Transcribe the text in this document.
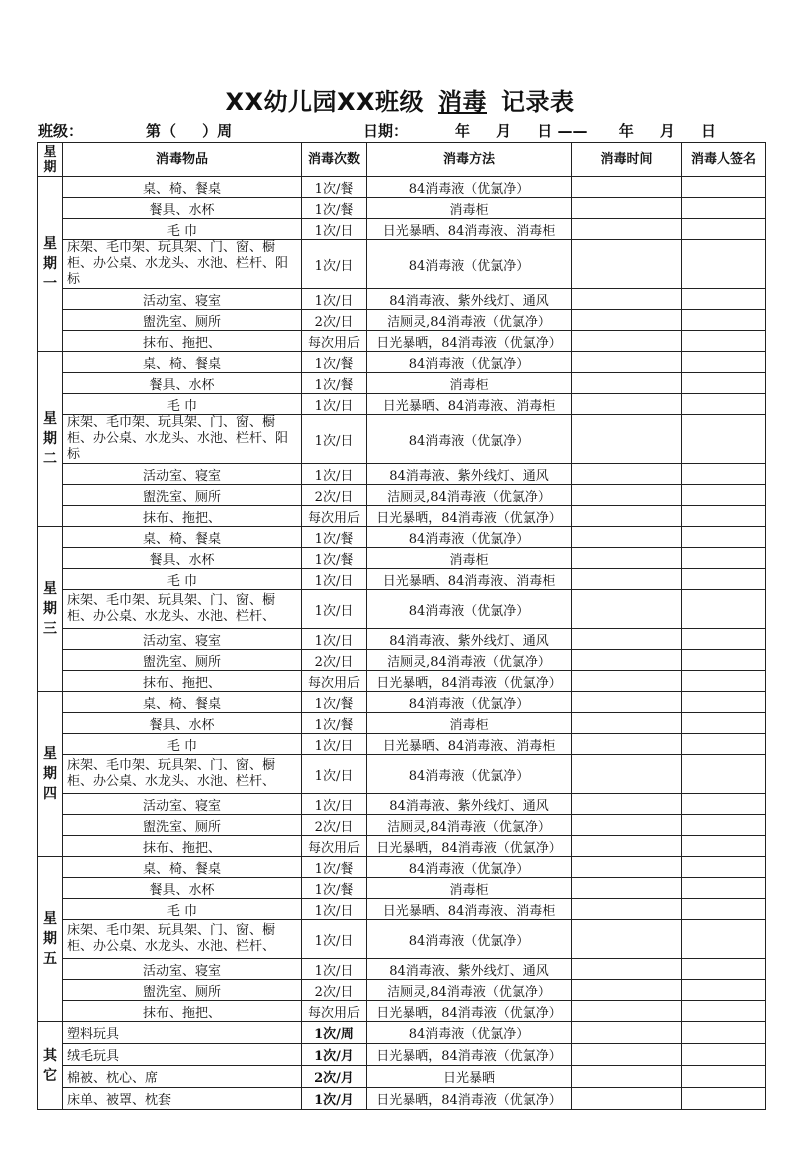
XX幼儿园XX班级 消毒 记录表
班级：	第（     ）周	日期：	年     月     日 ——      年     月     日
星期	消毒物品	消毒次数	消毒方法	消毒时间	消毒人签名
星期一	桌、椅、餐桌	1次/餐	84消毒液（优氯净）		
	餐具、水杯	1次/餐	消毒柜		
	毛 巾	1次/日	日光暴晒、84消毒液、消毒柜		
	床架、毛巾架、玩具架、门、窗、橱柜、办公桌、水龙头、水池、栏杆、阳标	1次/日	84消毒液（优氯净）		
	活动室、寝室	1次/日	84消毒液、紫外线灯、通风		
	盥洗室、厕所	2次/日	洁厕灵,84消毒液（优氯净）		
	抹布、拖把、	每次用后	日光暴晒，84消毒液（优氯净）		
星期二	桌、椅、餐桌	1次/餐	84消毒液（优氯净）		
	餐具、水杯	1次/餐	消毒柜		
	毛 巾	1次/日	日光暴晒、84消毒液、消毒柜		
	床架、毛巾架、玩具架、门、窗、橱柜、办公桌、水龙头、水池、栏杆、阳标	1次/日	84消毒液（优氯净）		
	活动室、寝室	1次/日	84消毒液、紫外线灯、通风		
	盥洗室、厕所	2次/日	洁厕灵,84消毒液（优氯净）		
	抹布、拖把、	每次用后	日光暴晒，84消毒液（优氯净）		
星期三	桌、椅、餐桌	1次/餐	84消毒液（优氯净）		
	餐具、水杯	1次/餐	消毒柜		
	毛 巾	1次/日	日光暴晒、84消毒液、消毒柜		
	床架、毛巾架、玩具架、门、窗、橱柜、办公桌、水龙头、水池、栏杆、	1次/日	84消毒液（优氯净）		
	活动室、寝室	1次/日	84消毒液、紫外线灯、通风		
	盥洗室、厕所	2次/日	洁厕灵,84消毒液（优氯净）		
	抹布、拖把、	每次用后	日光暴晒，84消毒液（优氯净）		
星期四	桌、椅、餐桌	1次/餐	84消毒液（优氯净）		
	餐具、水杯	1次/餐	消毒柜		
	毛 巾	1次/日	日光暴晒、84消毒液、消毒柜		
	床架、毛巾架、玩具架、门、窗、橱柜、办公桌、水龙头、水池、栏杆、	1次/日	84消毒液（优氯净）		
	活动室、寝室	1次/日	84消毒液、紫外线灯、通风		
	盥洗室、厕所	2次/日	洁厕灵,84消毒液（优氯净）		
	抹布、拖把、	每次用后	日光暴晒，84消毒液（优氯净）		
星期五	桌、椅、餐桌	1次/餐	84消毒液（优氯净）		
	餐具、水杯	1次/餐	消毒柜		
	毛 巾	1次/日	日光暴晒、84消毒液、消毒柜		
	床架、毛巾架、玩具架、门、窗、橱柜、办公桌、水龙头、水池、栏杆、	1次/日	84消毒液（优氯净）		
	活动室、寝室	1次/日	84消毒液、紫外线灯、通风		
	盥洗室、厕所	2次/日	洁厕灵,84消毒液（优氯净）		
	抹布、拖把、	每次用后	日光暴晒，84消毒液（优氯净）		
其它	塑料玩具	1次/周	84消毒液（优氯净）		
	绒毛玩具	1次/月	日光暴晒，84消毒液（优氯净）		
	棉被、枕心、席	2次/月	日光暴晒		
	床单、被罩、枕套	1次/月	日光暴晒，84消毒液（优氯净）		
